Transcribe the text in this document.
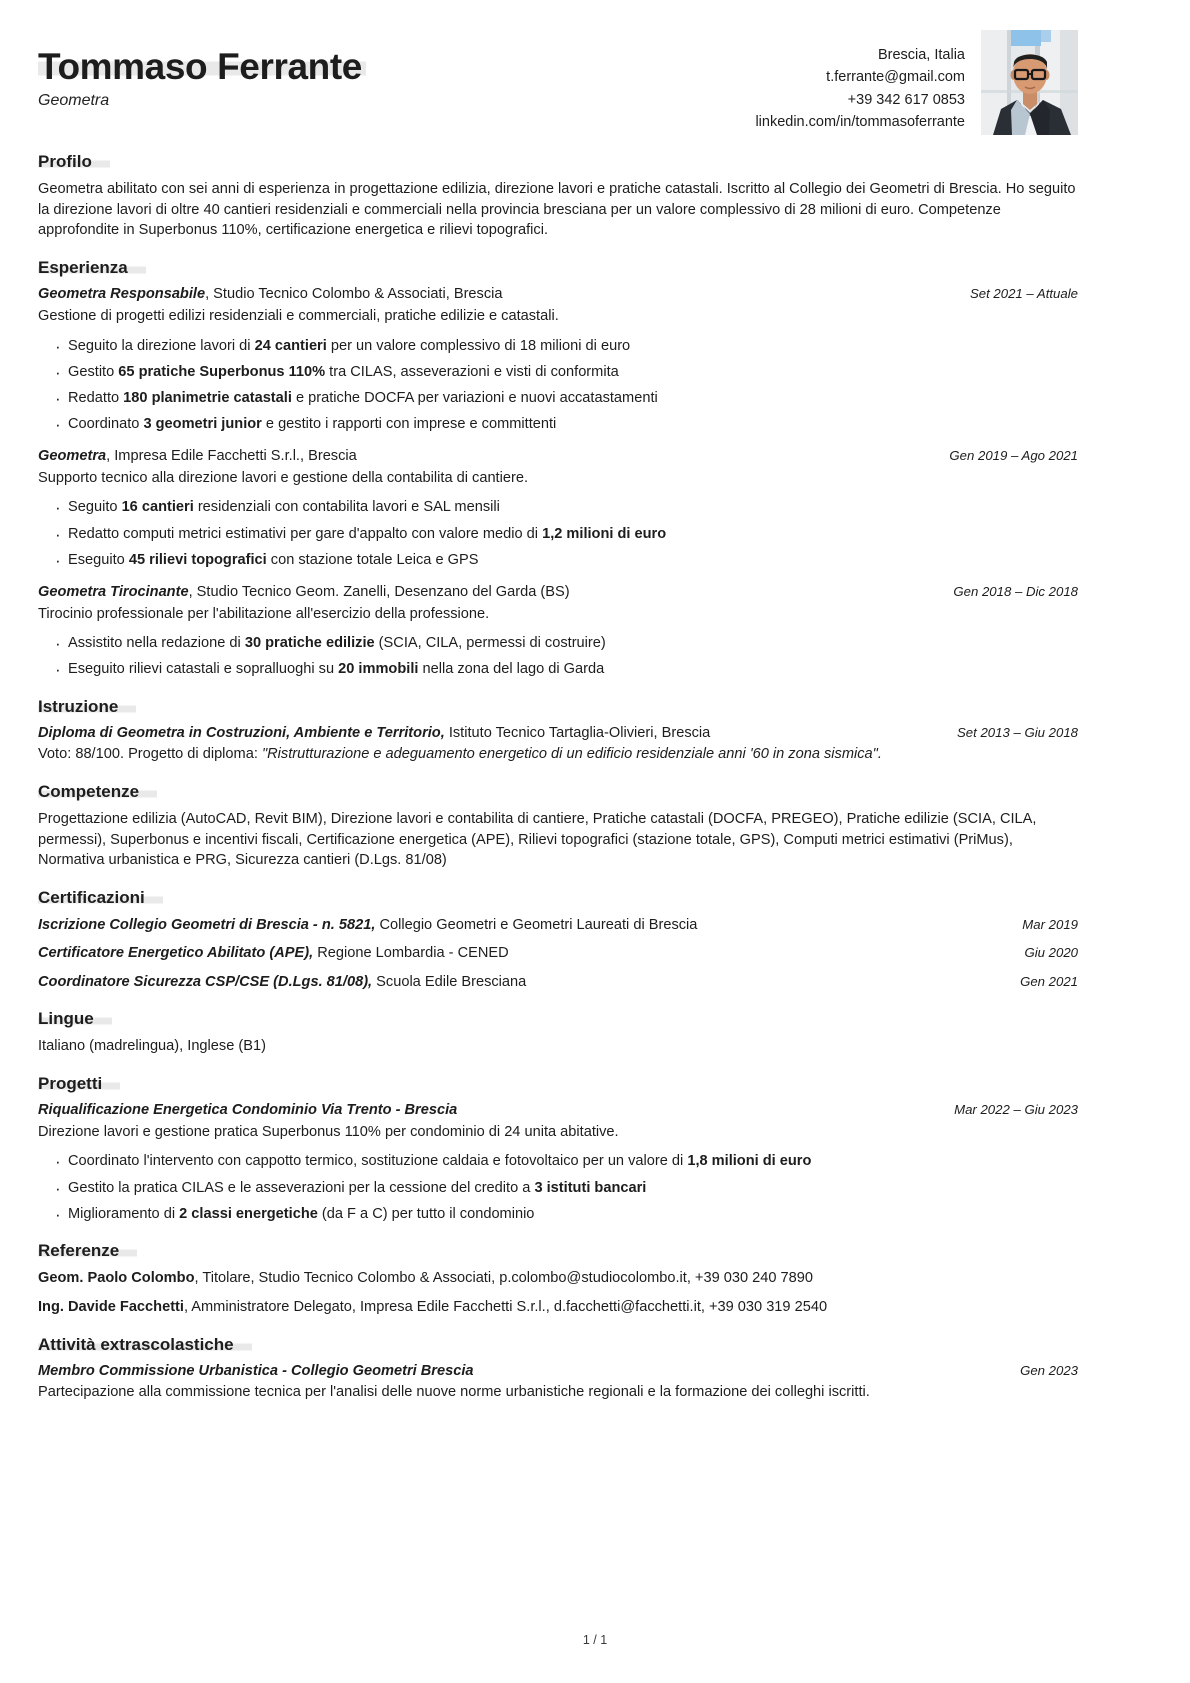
Tommaso Ferrante
Geometra
Brescia, Italia
t.ferrante@gmail.com
+39 342 617 0853
linkedin.com/in/tommasoferrante
Profilo

Geometra abilitato con sei anni di esperienza in progettazione edilizia, direzione lavori e pratiche catastali. Iscritto al Collegio dei Geometri di Brescia. Ho seguito la direzione lavori di oltre 40 cantieri residenziali e commerciali nella provincia bresciana per un valore complessivo di 28 milioni di euro. Competenze approfondite in Superbonus 110%, certificazione energetica e rilievi topografici.

Esperienza
Geometra Responsabile, Studio Tecnico Colombo & Associati, Brescia	Set 2021 – Attuale
Gestione di progetti edilizi residenziali e commerciali, pratiche edilizie e catastali.
· Seguito la direzione lavori di 24 cantieri per un valore complessivo di 18 milioni di euro
· Gestito 65 pratiche Superbonus 110% tra CILAS, asseverazioni e visti di conformita
· Redatto 180 planimetrie catastali e pratiche DOCFA per variazioni e nuovi accatastamenti
· Coordinato 3 geometri junior e gestito i rapporti con imprese e committenti
Geometra, Impresa Edile Facchetti S.r.l., Brescia	Gen 2019 – Ago 2021
Supporto tecnico alla direzione lavori e gestione della contabilita di cantiere.
· Seguito 16 cantieri residenziali con contabilita lavori e SAL mensili
· Redatto computi metrici estimativi per gare d'appalto con valore medio di 1,2 milioni di euro
· Eseguito 45 rilievi topografici con stazione totale Leica e GPS
Geometra Tirocinante, Studio Tecnico Geom. Zanelli, Desenzano del Garda (BS)	Gen 2018 – Dic 2018
Tirocinio professionale per l'abilitazione all'esercizio della professione.
· Assistito nella redazione di 30 pratiche edilizie (SCIA, CILA, permessi di costruire)
· Eseguito rilievi catastali e sopralluoghi su 20 immobili nella zona del lago di Garda
Istruzione
Diploma di Geometra in Costruzioni, Ambiente e Territorio, Istituto Tecnico Tartaglia-Olivieri, Brescia	Set 2013 – Giu 2018
Voto: 88/100. Progetto di diploma: "Ristrutturazione e adeguamento energetico di un edificio residenziale anni '60 in zona sismica".
Competenze

Progettazione edilizia (AutoCAD, Revit BIM), Direzione lavori e contabilita di cantiere, Pratiche catastali (DOCFA, PREGEO), Pratiche edilizie (SCIA, CILA, permessi), Superbonus e incentivi fiscali, Certificazione energetica (APE), Rilievi topografici (stazione totale, GPS), Computi metrici estimativi (PriMus), Normativa urbanistica e PRG, Sicurezza cantieri (D.Lgs. 81/08)

Certificazioni
Iscrizione Collegio Geometri di Brescia - n. 5821, Collegio Geometri e Geometri Laureati di Brescia	Mar 2019
Certificatore Energetico Abilitato (APE), Regione Lombardia - CENED	Giu 2020
Coordinatore Sicurezza CSP/CSE (D.Lgs. 81/08), Scuola Edile Bresciana	Gen 2021
Lingue

Italiano (madrelingua), Inglese (B1)

Progetti
Riqualificazione Energetica Condominio Via Trento - Brescia	Mar 2022 – Giu 2023
Direzione lavori e gestione pratica Superbonus 110% per condominio di 24 unita abitative.
· Coordinato l'intervento con cappotto termico, sostituzione caldaia e fotovoltaico per un valore di 1,8 milioni di euro
· Gestito la pratica CILAS e le asseverazioni per la cessione del credito a 3 istituti bancari
· Miglioramento di 2 classi energetiche (da F a C) per tutto il condominio
Referenze
Geom. Paolo Colombo, Titolare, Studio Tecnico Colombo & Associati, p.colombo@studiocolombo.it, +39 030 240 7890
Ing. Davide Facchetti, Amministratore Delegato, Impresa Edile Facchetti S.r.l., d.facchetti@facchetti.it, +39 030 319 2540
Attività extrascolastiche
Membro Commissione Urbanistica - Collegio Geometri Brescia	Gen 2023
Partecipazione alla commissione tecnica per l'analisi delle nuove norme urbanistiche regionali e la formazione dei colleghi iscritti.
1 / 1
